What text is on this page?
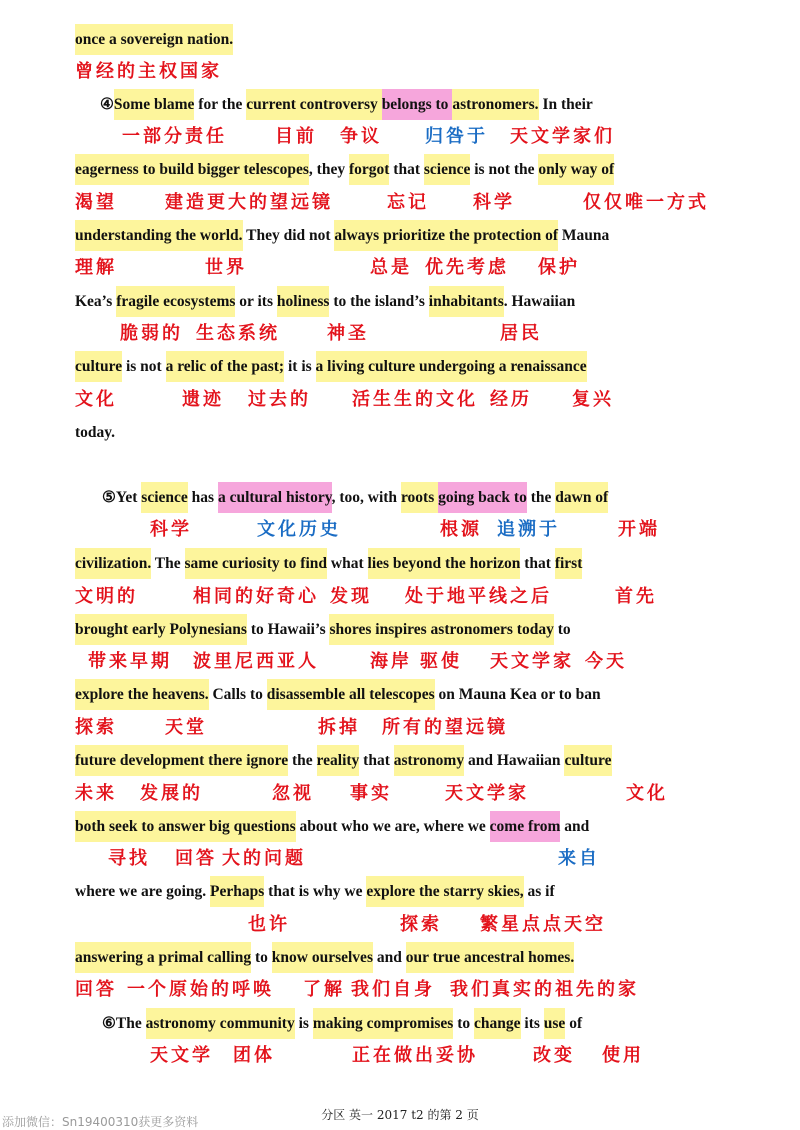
once a sovereign nation.
曾经的主权国家
④Some blame for the current controversy belongs to astronomers. In their
一部分责任	目前 争议 归咎于 天文学家们
eagerness to build bigger telescopes, they forgot that science is not the only way of
渴望	建造更大的望远镜	忘记 科学	仅仅唯一方式
understanding the world. They did not always prioritize the protection of Mauna
理解	世界	总是 优先考虑 保护
Kea’s fragile ecosystems or its holiness to the island’s inhabitants. Hawaiian
脆弱的 生态系统	神圣	居民
culture is not a relic of the past; it is a living culture undergoing a renaissance
文化	遗迹 过去的 活生生的文化 经历 复兴
today.
⑤Yet science has a cultural history, too, with roots going back to the dawn of
科学	文化历史	根源 追溯于	开端
civilization. The same curiosity to find what lies beyond the horizon that first
文明的	相同的好奇心 发现 处于地平线之后	首先
brought early Polynesians to Hawaii’s shores inspires astronomers today to
带来早期 波里尼西亚人	海岸 驱使 天文学家 今天
explore the heavens. Calls to disassemble all telescopes on Mauna Kea or to ban
探索	天堂	拆掉 所有的望远镜
future development there ignore the reality that astronomy and Hawaiian culture
未来 发展的	忽视 事实	天文学家	文化
both seek to answer big questions about who we are, where we come from and
寻找 回答 大的问题	来自
where we are going. Perhaps that is why we explore the starry skies, as if
也许	探索 繁星点点天空
answering a primal calling to know ourselves and our true ancestral homes.
回答 一个原始的呼唤 了解 我们自身 我们真实的祖先的家
⑥The astronomy community is making compromises to change its use of
天文学 团体	正在做出妥协	改变 使用
分区 英一 2017 t2 的第 2 页
添加微信：Sn19400310获更多资料
